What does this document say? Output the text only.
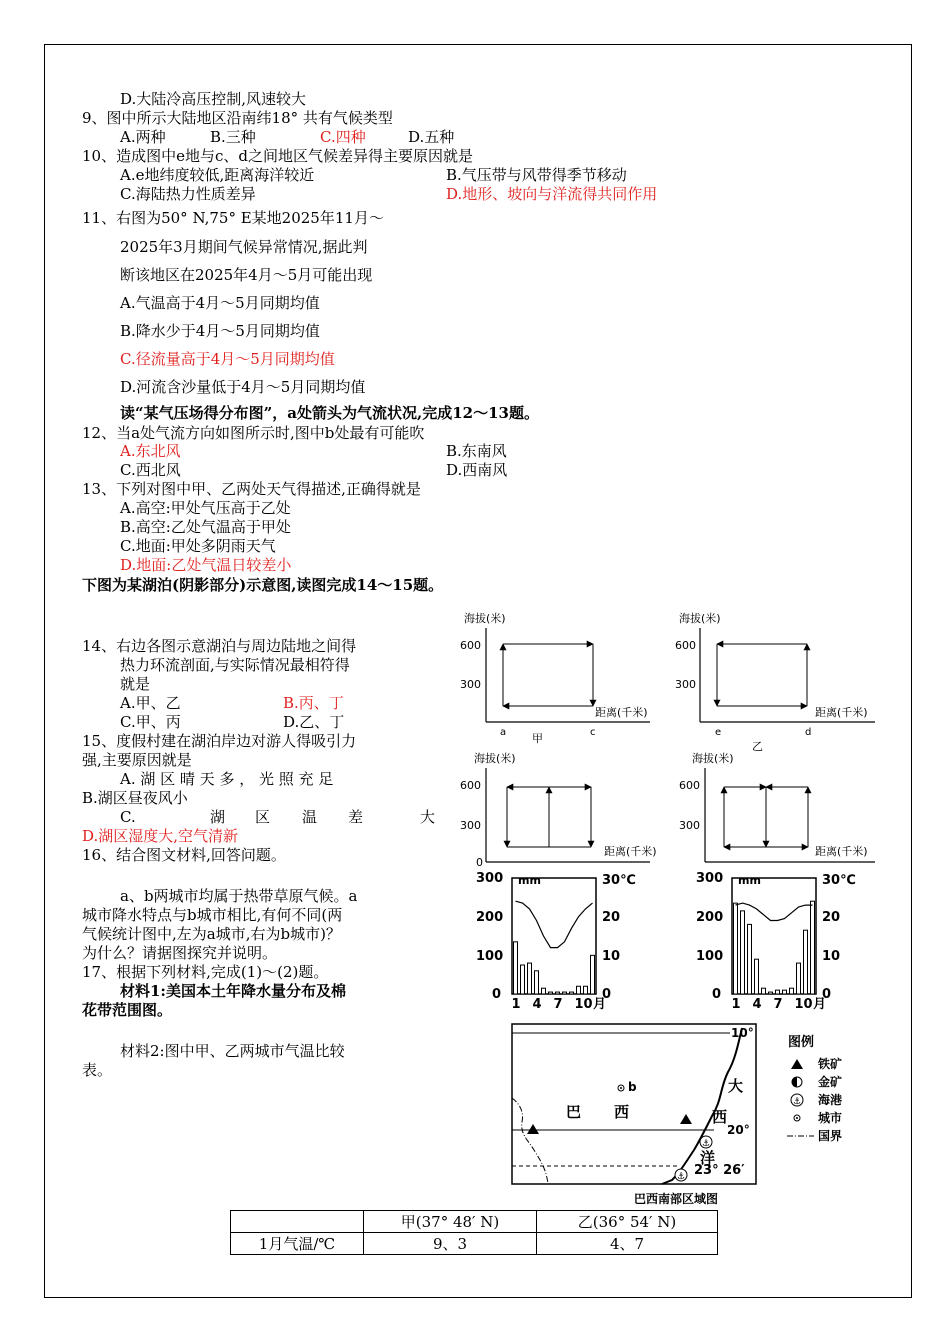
D.大陆冷高压控制,风速较大
9、图中所示大陆地区沿南纬18° 共有气候类型
A.两种	B.三种	C.四种	D.五种
10、造成图中e地与c、d之间地区气候差异得主要原因就是
A.e地纬度较低,距离海洋较近	B.气压带与风带得季节移动
C.海陆热力性质差异	D.地形、坡向与洋流得共同作用
11、右图为50° N,75° E某地2025年11月～
2025年3月期间气候异常情况,据此判
断该地区在2025年4月～5月可能出现
A.气温高于4月～5月同期均值
B.降水少于4月～5月同期均值
C.径流量高于4月～5月同期均值
D.河流含沙量低于4月～5月同期均值
读“某气压场得分布图”，a处箭头为气流状况,完成12～13题。
12、当a处气流方向如图所示时,图中b处最有可能吹
A.东北风	B.东南风
C.西北风	D.西南风
13、下列对图中甲、乙两处天气得描述,正确得就是
A.高空:甲处气压高于乙处
B.高空:乙处气温高于甲处
C.地面:甲处多阴雨天气
D.地面:乙处气温日较差小
下图为某湖泊(阴影部分)示意图,读图完成14～15题。
14、右边各图示意湖泊与周边陆地之间得
热力环流剖面,与实际情况最相符得
就是
A.甲、乙	B.丙、丁
C.甲、丙	D.乙、丁
15、度假村建在湖泊岸边对游人得吸引力
强,主要原因就是
A. 湖 区 晴 天 多 ， 光 照 充 足
B.湖区昼夜风小
C.	湖 区 温 差	大
D.湖区湿度大,空气清新
16、结合图文材料,回答问题。
a、b两城市均属于热带草原气候。a
城市降水特点与b城市相比,有何不同(两
气候统计图中,左为a城市,右为b城市)？
为什么？请据图探究并说明。
17、根据下列材料,完成(1)～(2)题。
材料1:美国本土年降水量分布及棉
花带范围图。
材料2:图中甲、乙两城市气温比较
表。
海拔(米)
600
300
距离(千米)
a	c
甲
海拔(米)
600
300
距离(千米)
e	d
乙
海拔(米)
600
300
0
距离(千米)
海拔(米)
600
300
距离(千米)
300 mm	30℃
200
100
0
20
10
0
1 4 7 10 月
300 mm	30℃
200
100
0
20
10
0
1 4 7 10 月
10°
20°
23° 26′
巴 西
大
西
洋
b
⚓
⚓
巴西南部区域图
图例
铁矿
金矿
⚓ 海港
城市
国界
	甲(37° 48′ N)	乙(36° 54′ N)
1月气温/℃	9、3	4、7
